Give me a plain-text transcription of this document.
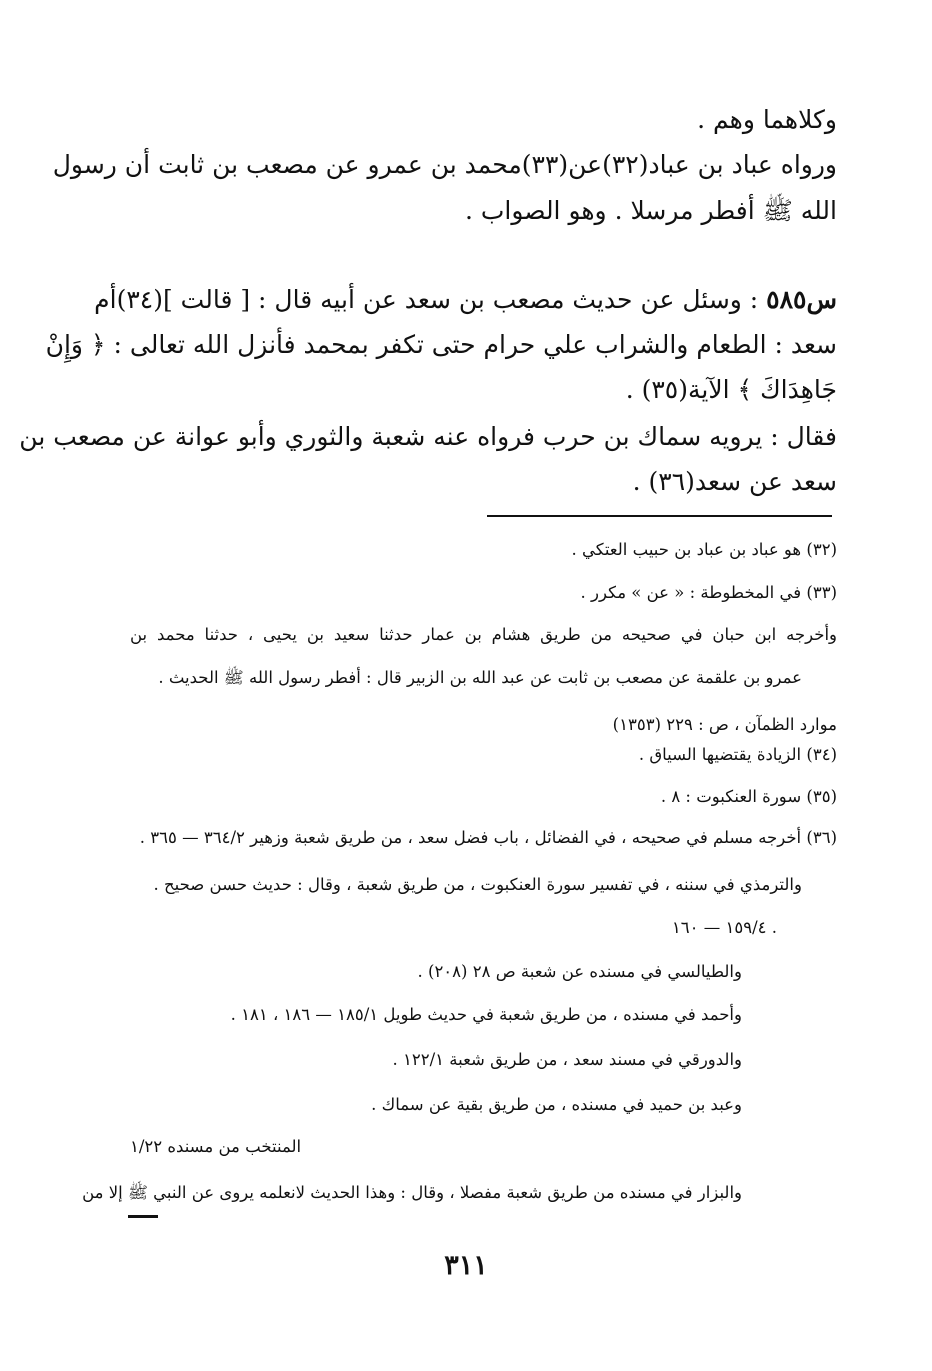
وكلاهما وهم .
ورواه عباد بن عباد(٣٢)عن(٣٣)محمد بن عمرو عن مصعب بن ثابت أن رسول
الله ﷺ أفطر مرسلا . وهو الصواب .
س٥٨٥ : وسئل عن حديث مصعب بن سعد عن أبيه قال : [ قالت ](٣٤)أم
سعد : الطعام والشراب علي حرام حتى تكفر بمحمد فأنزل الله تعالى : ﴿ وَإِنْ
جَاهِدَاكَ ﴾ الآية(٣٥) .
فقال : يرويه سماك بن حرب فرواه عنه شعبة والثوري وأبو عوانة عن مصعب بن
سعد عن سعد(٣٦) .
(٣٢) هو عباد بن عباد بن حبيب العتكي .
(٣٣) في المخطوطة : « عن » مكرر .
وأخرجه ابن حبان في صحيحه من طريق هشام بن عمار حدثنا سعيد بن يحيى ، حدثنا محمد بن
عمرو بن علقمة عن مصعب بن ثابت عن عبد الله بن الزبير قال : أفطر رسول الله ﷺ الحديث .
موارد الظمآن ، ص : ٢٢٩ (١٣٥٣)
(٣٤) الزيادة يقتضيها السياق .
(٣٥) سورة العنكبوت : ٨ .
(٣٦) أخرجه مسلم في صحيحه ، في الفضائل ، باب فضل سعد ، من طريق شعبة وزهير ٣٦٤/٢ — ٣٦٥ .
والترمذي في سننه ، في تفسير سورة العنكبوت ، من طريق شعبة ، وقال : حديث حسن صحيح .
١٥٩/٤ — ١٦٠ .
والطيالسي في مسنده عن شعبة ص ٢٨ (٢٠٨) .
وأحمد في مسنده ، من طريق شعبة في حديث طويل ١٨٥/١ — ١٨٦ ، ١٨١ .
والدورقي في مسند سعد ، من طريق شعبة ١٢٢/١ .
وعبد بن حميد في مسنده ، من طريق بقية عن سماك .
المنتخب من مسنده ١/٢٢
والبزار في مسنده من طريق شعبة مفصلا ، وقال : وهذا الحديث لانعلمه يروى عن النبي ﷺ إلا من
٣١١
